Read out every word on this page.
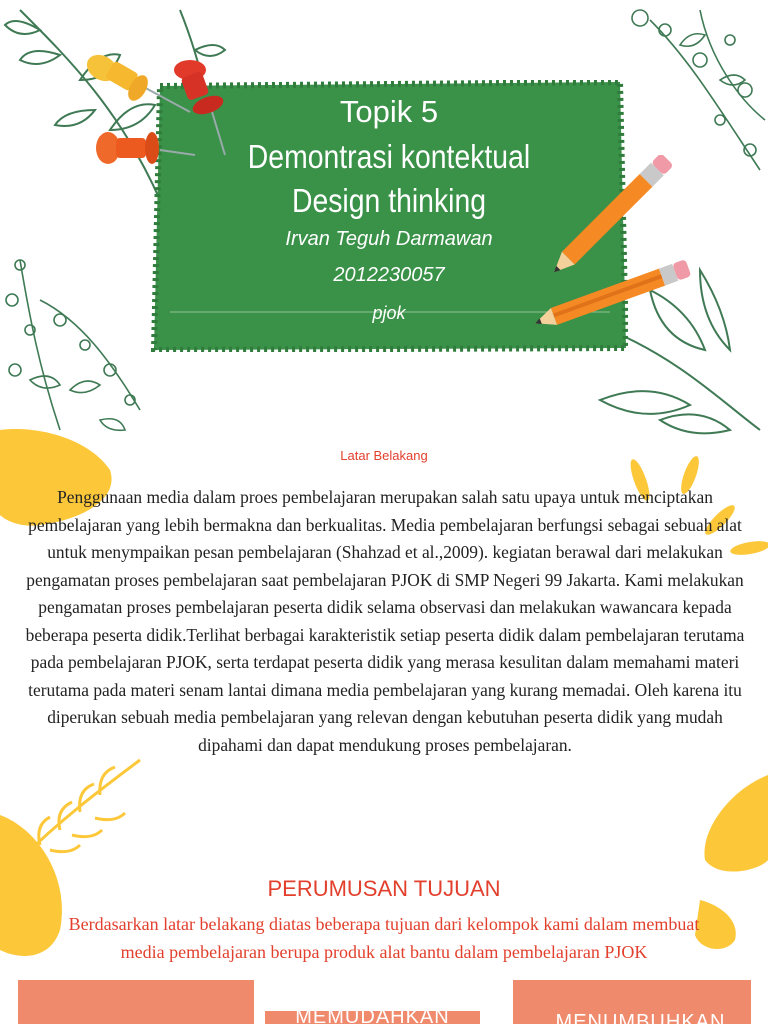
Topik 5
Demontrasi kontektual
Design thinking
Irvan Teguh Darmawan
2012230057
pjok
Latar Belakang
Penggunaan media dalam proes pembelajaran merupakan salah satu upaya untuk menciptakan pembelajaran yang lebih bermakna dan berkualitas. Media pembelajaran berfungsi sebagai sebuah alat untuk menympaikan pesan pembelajaran (Shahzad et al.,2009). kegiatan berawal dari melakukan pengamatan proses pembelajaran saat pembelajaran PJOK di SMP Negeri 99 Jakarta. Kami melakukan pengamatan proses pembelajaran peserta didik selama observasi dan melakukan wawancara kepada beberapa peserta didik.Terlihat berbagai karakteristik setiap peserta didik dalam pembelajaran terutama pada pembelajaran PJOK, serta terdapat peserta didik yang merasa kesulitan dalam memahami materi terutama pada materi senam lantai dimana media pembelajaran yang kurang memadai. Oleh karena itu diperukan sebuah media pembelajaran yang relevan dengan kebutuhan peserta didik yang mudah dipahami dan dapat mendukung proses pembelajaran.
PERUMUSAN TUJUAN
Berdasarkan latar belakang diatas beberapa tujuan dari kelompok kami dalam membuat media pembelajaran berupa produk alat bantu dalam pembelajaran PJOK
MEMUDAHKAN	MENUMBUHKAN
